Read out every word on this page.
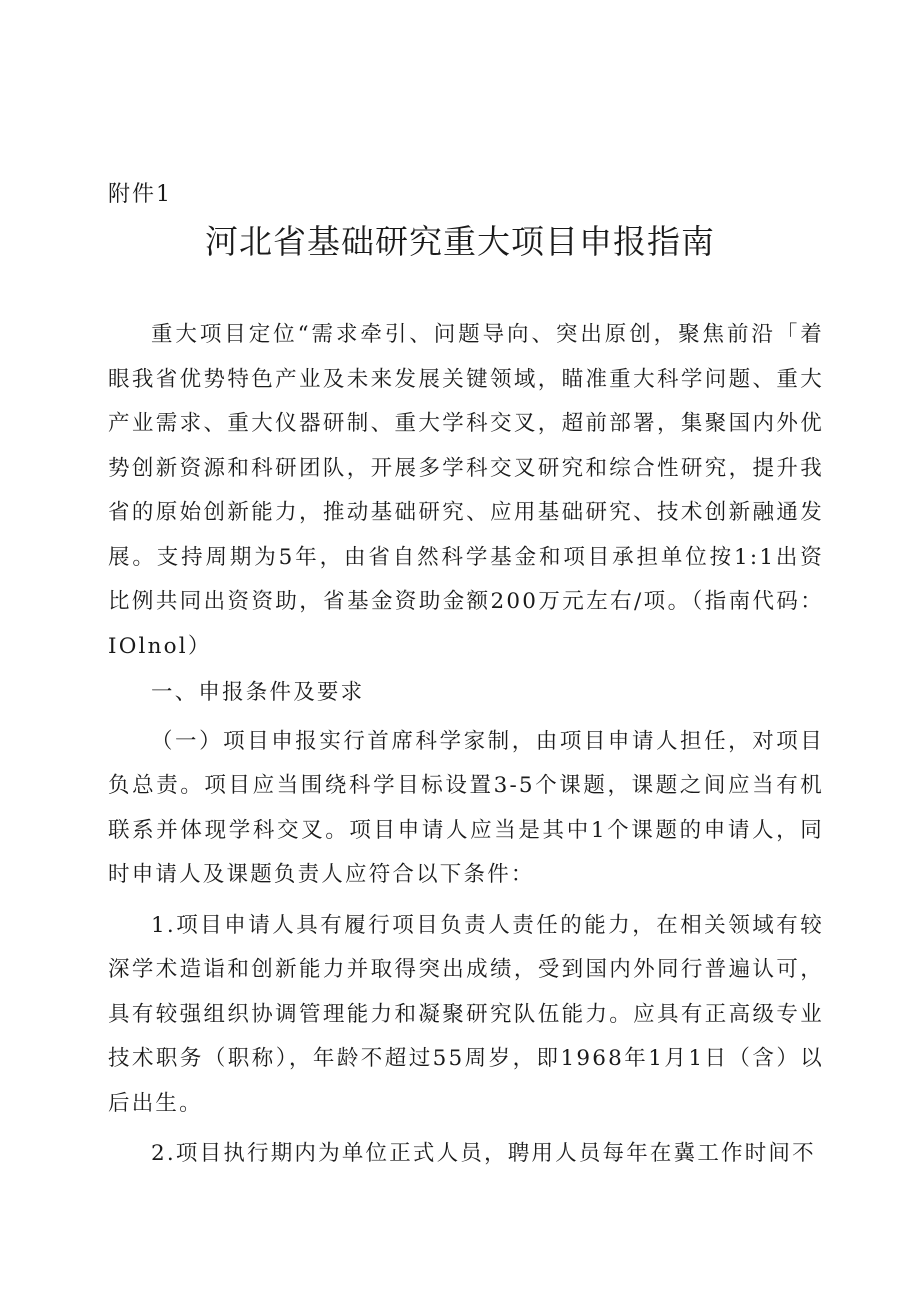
附件1
河北省基础研究重大项目申报指南

重大项目定位“需求牵引、问题导向、突出原创，聚焦前沿「着眼我省优势特色产业及未来发展关键领域，瞄准重大科学问题、重大产业需求、重大仪器研制、重大学科交叉，超前部署，集聚国内外优势创新资源和科研团队，开展多学科交叉研究和综合性研究，提升我省的原始创新能力，推动基础研究、应用基础研究、技术创新融通发展。支持周期为5年，由省自然科学基金和项目承担单位按1:1出资比例共同出资资助，省基金资助金额200万元左右/项。（指南代码：IOlnol）

一、申报条件及要求

（一）项目申报实行首席科学家制，由项目申请人担任，对项目负总责。项目应当围绕科学目标设置3-5个课题，课题之间应当有机联系并体现学科交叉。项目申请人应当是其中1个课题的申请人，同时申请人及课题负责人应符合以下条件：

1.项目申请人具有履行项目负责人责任的能力，在相关领域有较深学术造诣和创新能力并取得突出成绩，受到国内外同行普遍认可，具有较强组织协调管理能力和凝聚研究队伍能力。应具有正高级专业技术职务（职称），年龄不超过55周岁，即1968年1月1日（含）以后出生。

2.项目执行期内为单位正式人员，聘用人员每年在冀工作时间不
